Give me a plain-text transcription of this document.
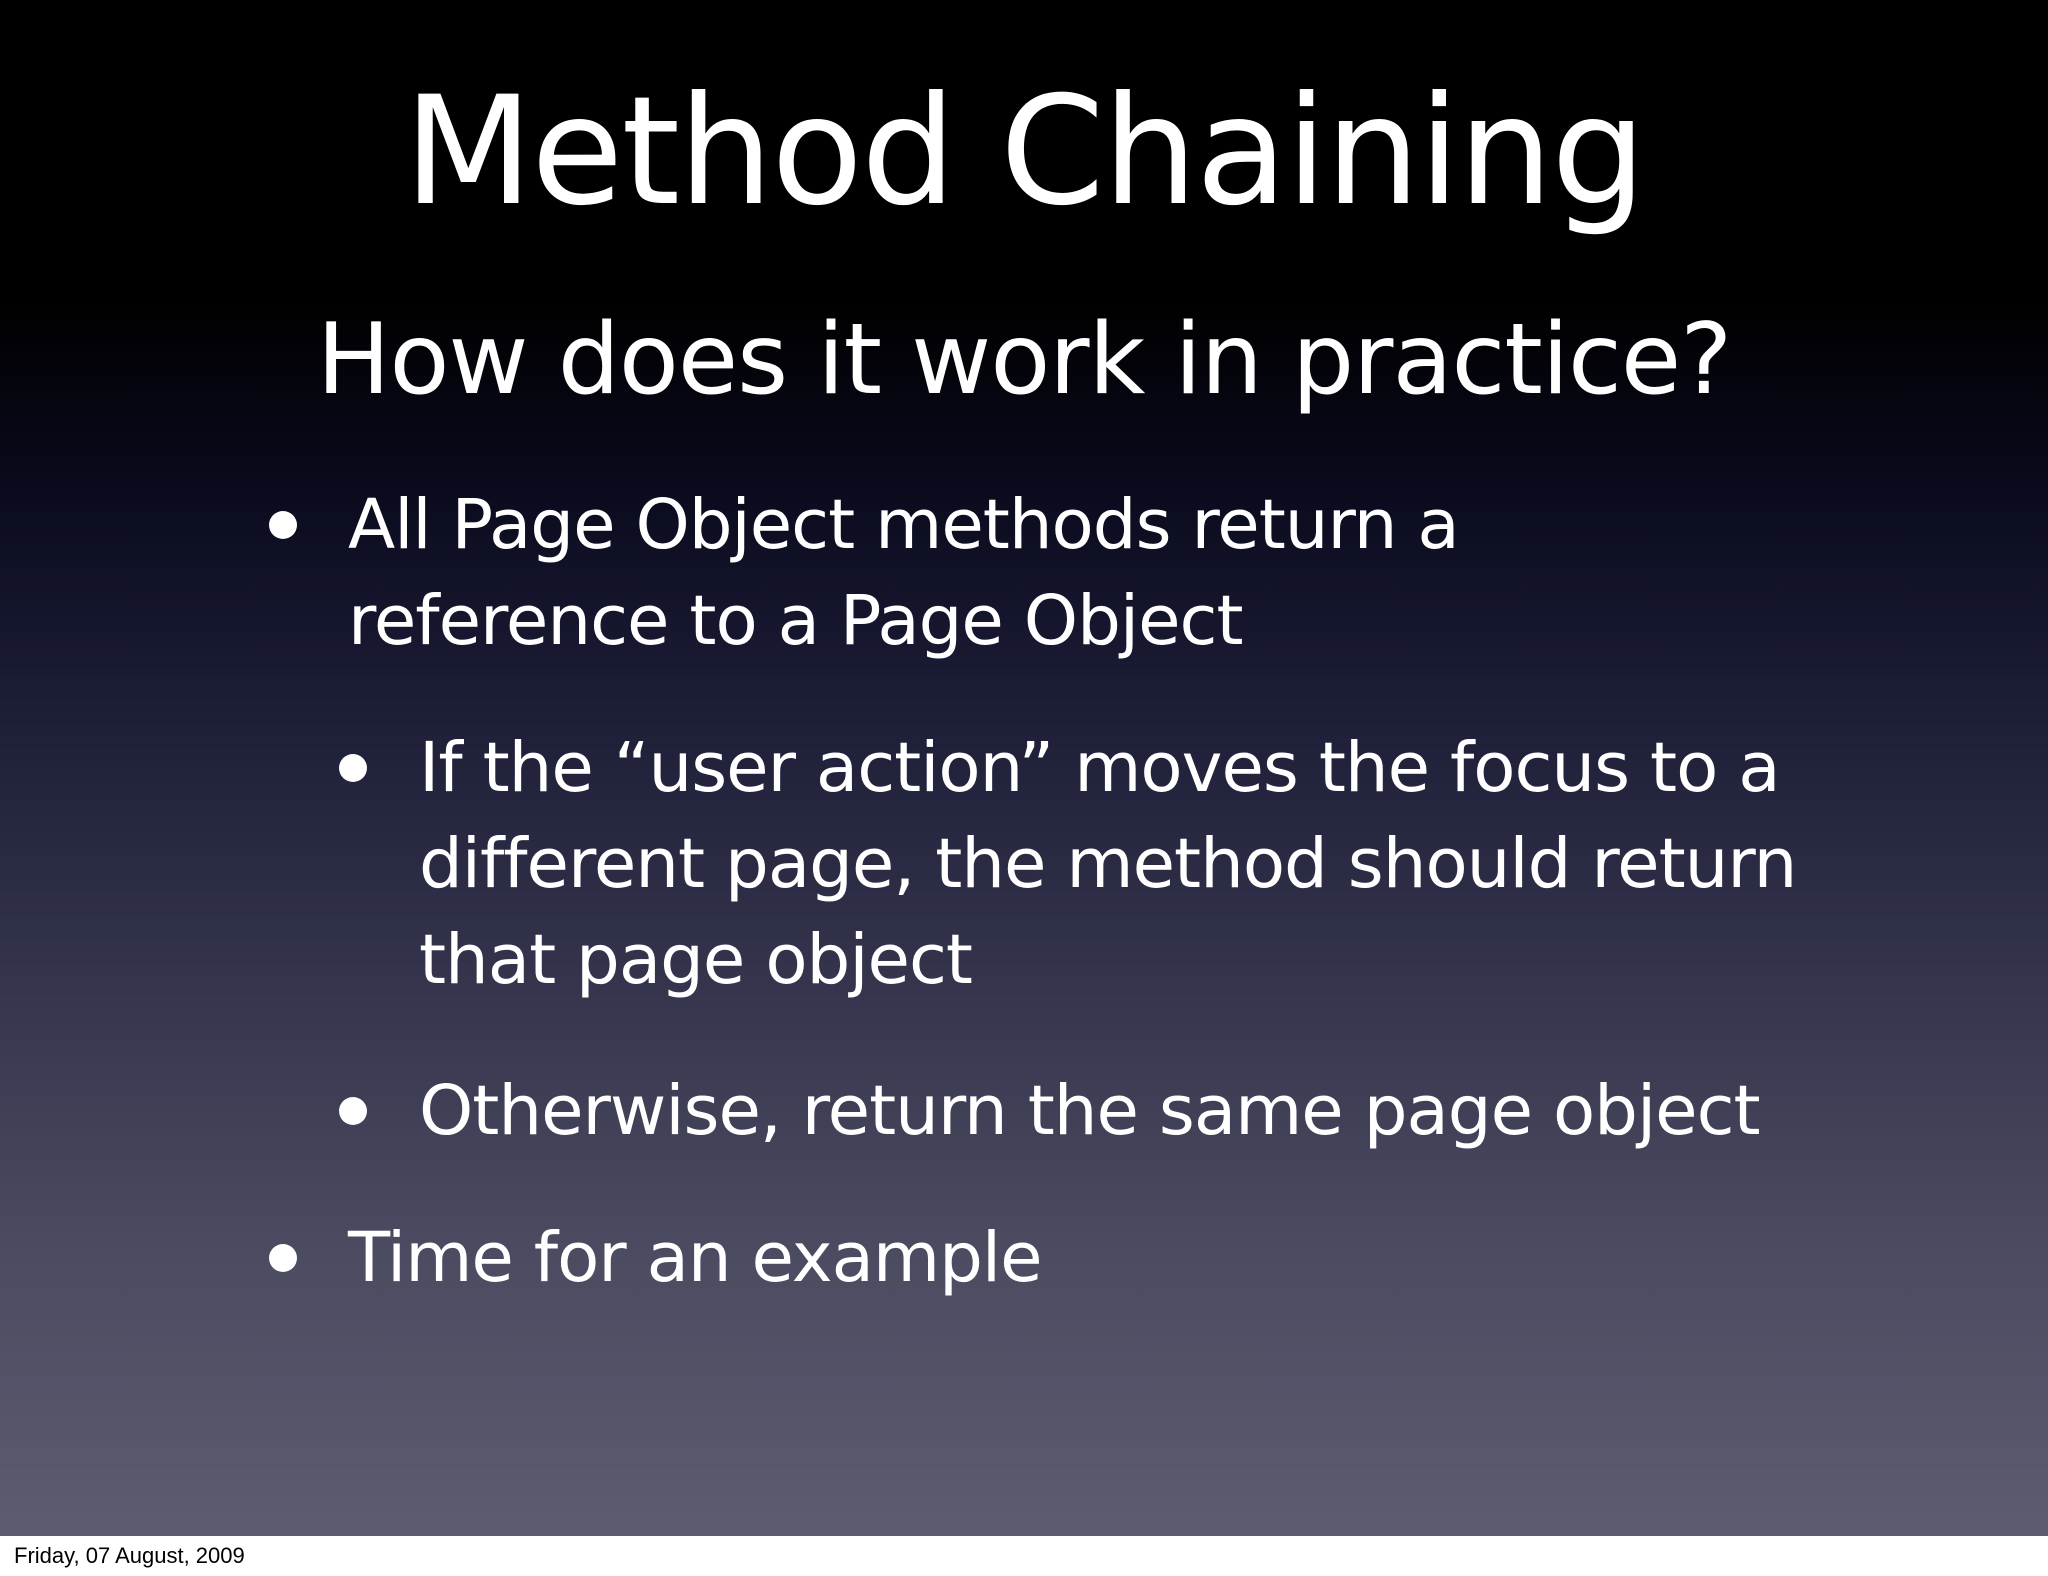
Method Chaining
How does it work in practice?
All Page Object methods return a
reference to a Page Object
If the “user action” moves the focus to a
different page, the method should return
that page object
Otherwise, return the same page object
Time for an example
Friday, 07 August, 2009
